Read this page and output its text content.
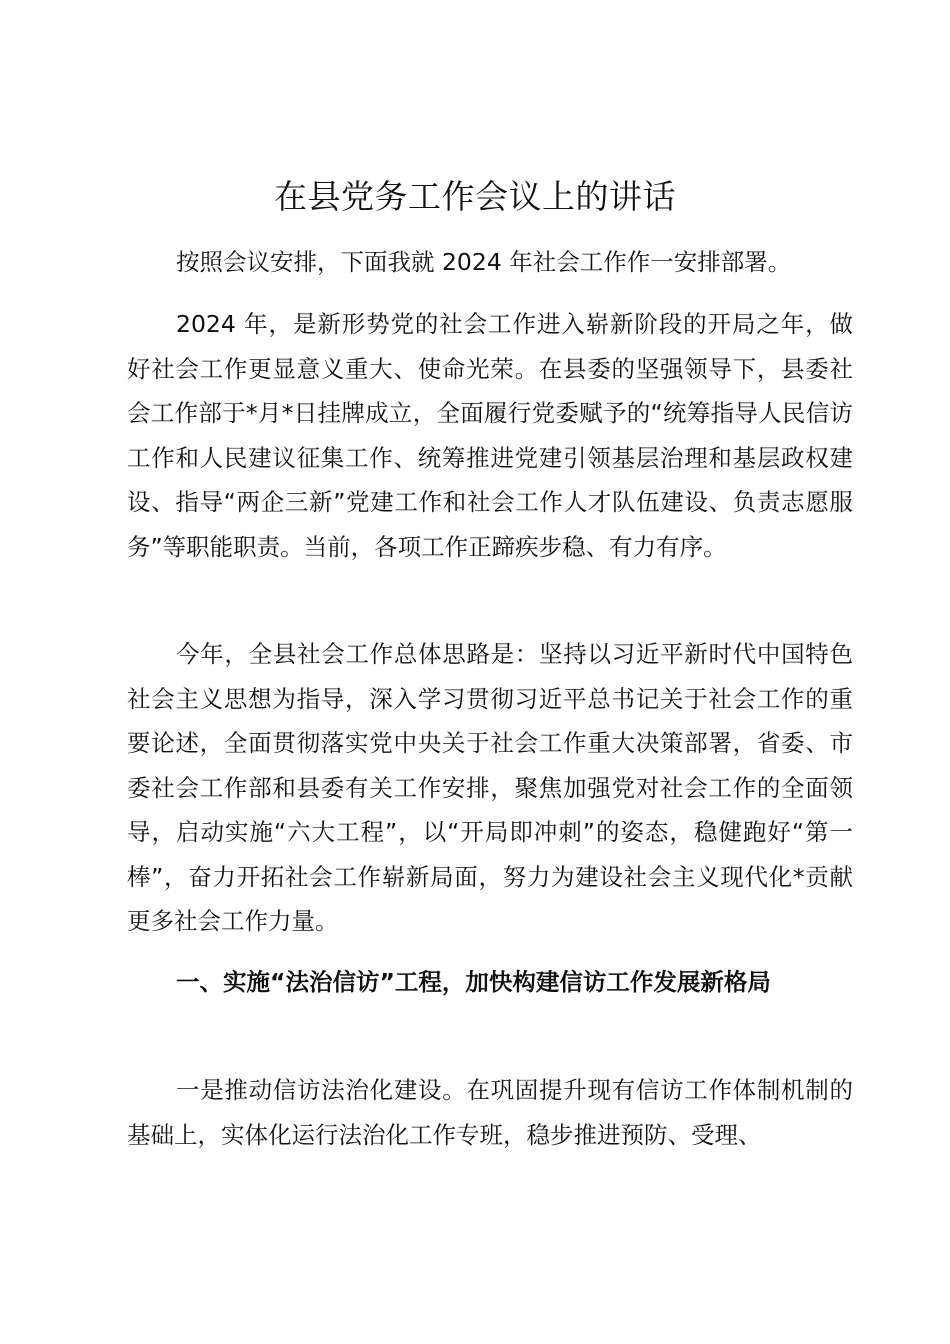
在县党务工作会议上的讲话

按照会议安排，下面我就 2024 年社会工作作一安排部署。

2024 年，是新形势党的社会工作进入崭新阶段的开局之年，做好社会工作更显意义重大、使命光荣。在县委的坚强领导下，县委社会工作部于*月*日挂牌成立，全面履行党委赋予的“统筹指导人民信访工作和人民建议征集工作、统筹推进党建引领基层治理和基层政权建设、指导“两企三新”党建工作和社会工作人才队伍建设、负责志愿服务”等职能职责。当前，各项工作正蹄疾步稳、有力有序。

今年，全县社会工作总体思路是：坚持以习近平新时代中国特色社会主义思想为指导，深入学习贯彻习近平总书记关于社会工作的重要论述，全面贯彻落实党中央关于社会工作重大决策部署，省委、市委社会工作部和县委有关工作安排，聚焦加强党对社会工作的全面领导，启动实施“六大工程”，以“开局即冲刺”的姿态，稳健跑好“第一棒”，奋力开拓社会工作崭新局面，努力为建设社会主义现代化*贡献更多社会工作力量。

一、实施“法治信访”工程，加快构建信访工作发展新格局

一是推动信访法治化建设。在巩固提升现有信访工作体制机制的基础上，实体化运行法治化工作专班，稳步推进预防、受理、
